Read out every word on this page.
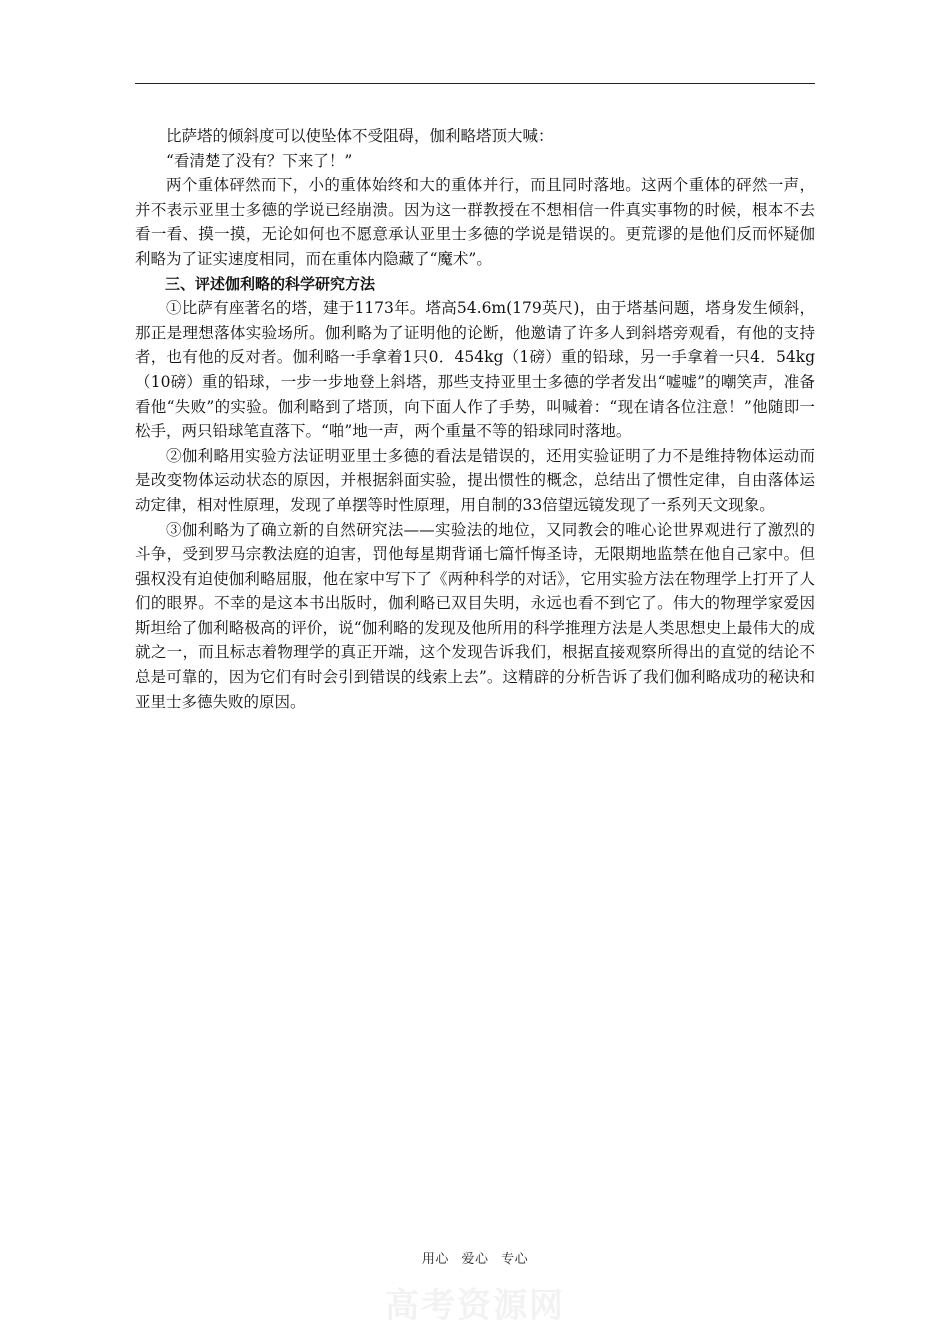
比萨塔的倾斜度可以使坠体不受阻碍，伽利略塔顶大喊：

“看清楚了没有？下来了！”

两个重体砰然而下，小的重体始终和大的重体并行，而且同时落地。这两个重体的砰然一声，并不表示亚里士多德的学说已经崩溃。因为这一群教授在不想相信一件真实事物的时候，根本不去看一看、摸一摸，无论如何也不愿意承认亚里士多德的学说是错误的。更荒谬的是他们反而怀疑伽利略为了证实速度相同，而在重体内隐藏了“魔术”。

三、评述伽利略的科学研究方法

①比萨有座著名的塔，建于1173年。塔高54.6m(179英尺)，由于塔基问题，塔身发生倾斜，那正是理想落体实验场所。伽利略为了证明他的论断，他邀请了许多人到斜塔旁观看，有他的支持者，也有他的反对者。伽利略一手拿着1只0．454kg（1磅）重的铅球，另一手拿着一只4．54kg（10磅）重的铅球，一步一步地登上斜塔，那些支持亚里士多德的学者发出“嘘嘘”的嘲笑声，准备看他“失败”的实验。伽利略到了塔顶，向下面人作了手势，叫喊着：“现在请各位注意！”他随即一松手，两只铅球笔直落下。“啪”地一声，两个重量不等的铅球同时落地。

②伽利略用实验方法证明亚里士多德的看法是错误的，还用实验证明了力不是维持物体运动而是改变物体运动状态的原因，并根据斜面实验，提出惯性的概念，总结出了惯性定律，自由落体运动定律，相对性原理，发现了单摆等时性原理，用自制的33倍望远镜发现了一系列天文现象。

③伽利略为了确立新的自然研究法——实验法的地位，又同教会的唯心论世界观进行了激烈的斗争，受到罗马宗教法庭的迫害，罚他每星期背诵七篇忏悔圣诗，无限期地监禁在他自己家中。但强权没有迫使伽利略屈服，他在家中写下了《两种科学的对话》，它用实验方法在物理学上打开了人们的眼界。不幸的是这本书出版时，伽利略已双目失明，永远也看不到它了。伟大的物理学家爱因斯坦给了伽利略极高的评价，说“伽利略的发现及他所用的科学推理方法是人类思想史上最伟大的成就之一，而且标志着物理学的真正开端，这个发现告诉我们，根据直接观察所得出的直觉的结论不总是可靠的，因为它们有时会引到错误的线索上去”。这精辟的分析告诉了我们伽利略成功的秘诀和亚里士多德失败的原因。

用心 爱心 专心
高考资源网
